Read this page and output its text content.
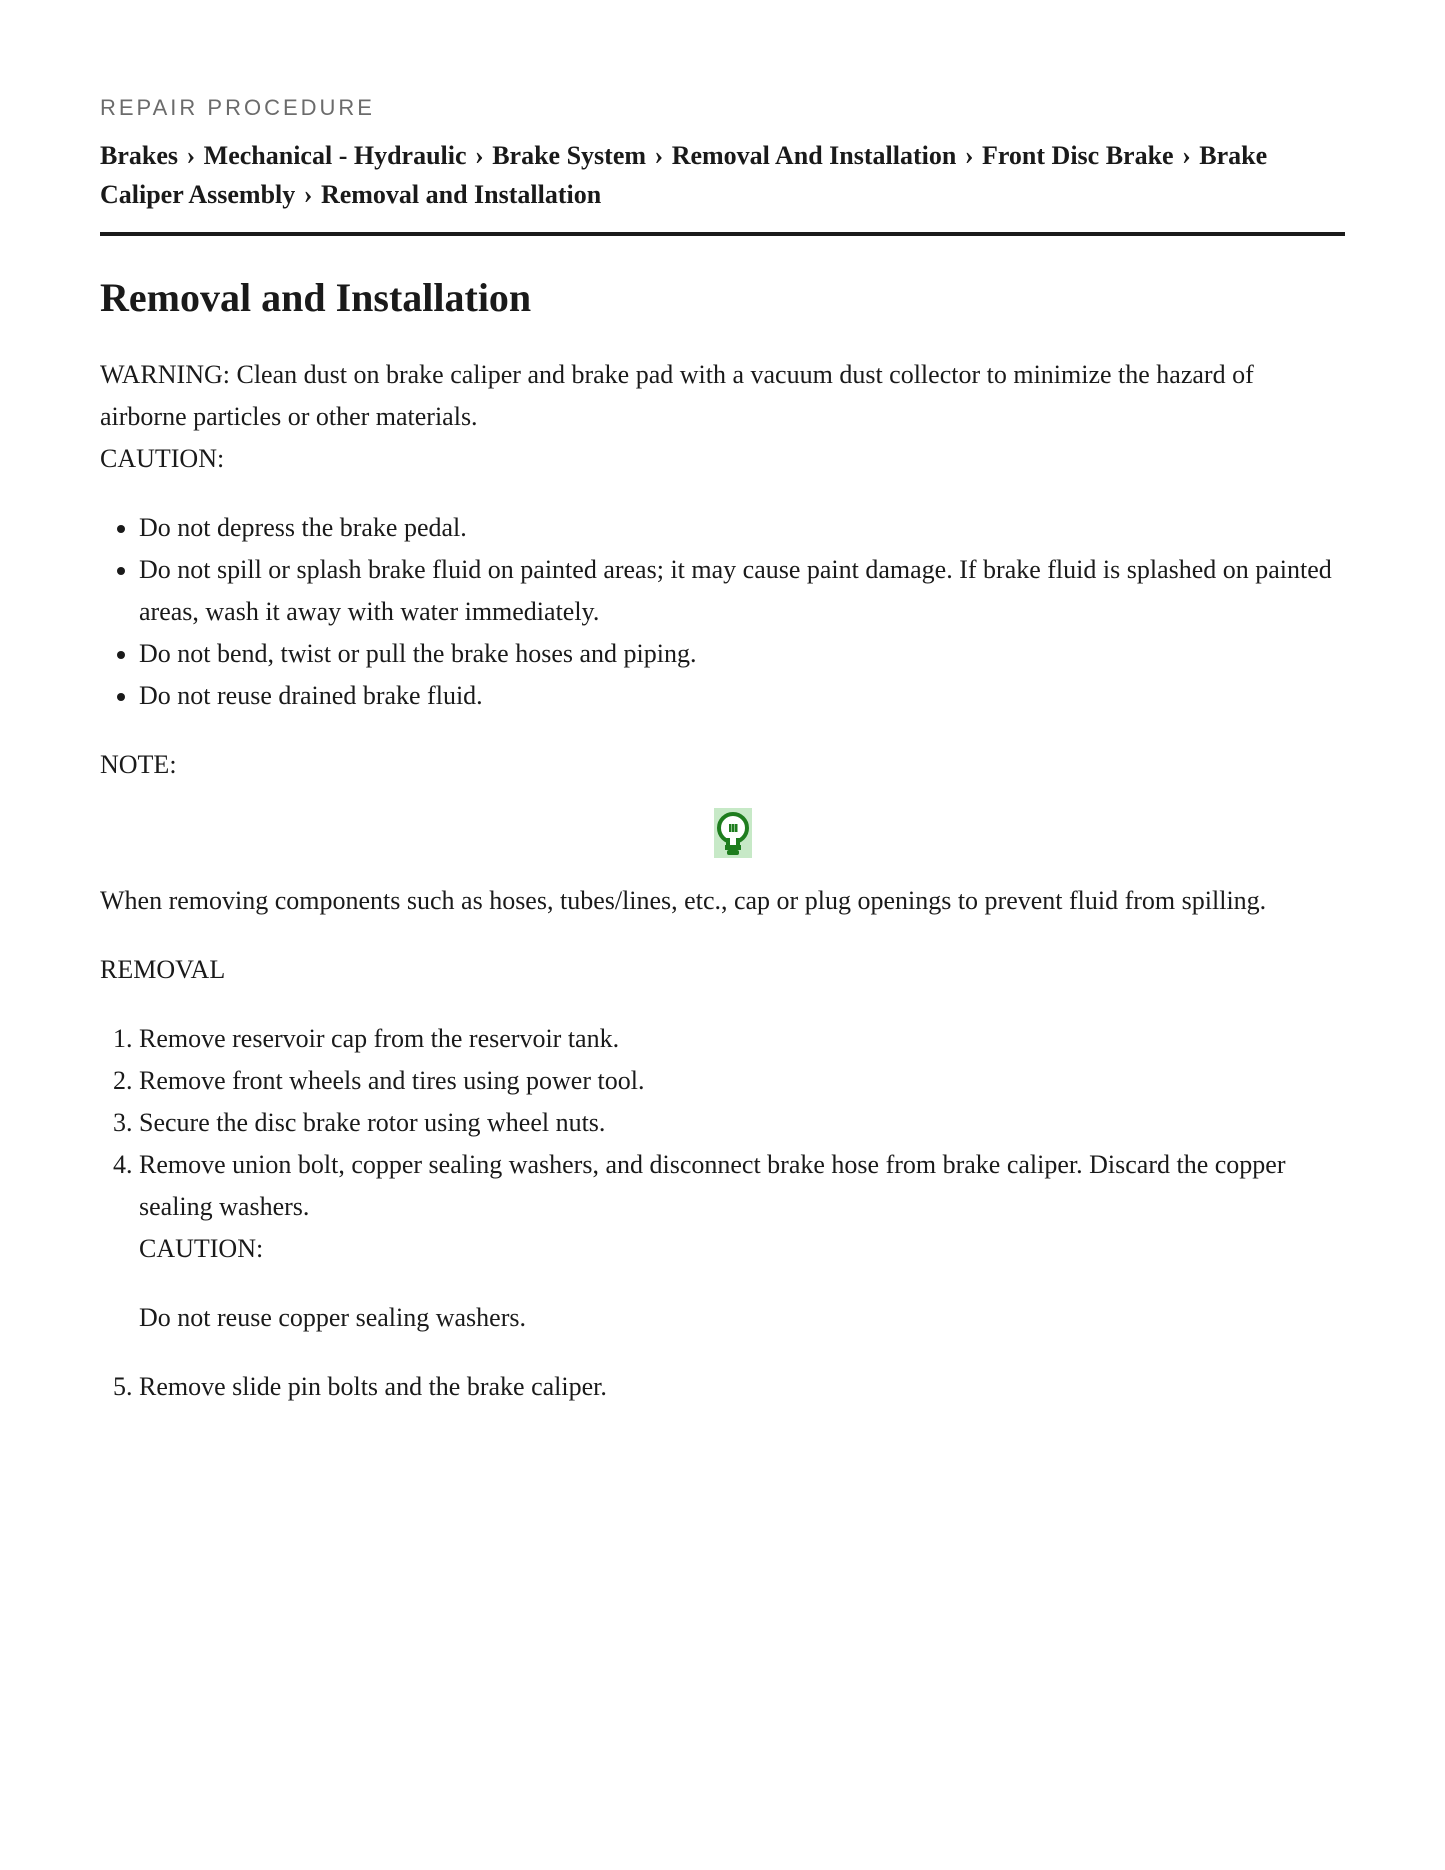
REPAIR PROCEDURE
Brakes › Mechanical - Hydraulic › Brake System › Removal And Installation › Front Disc Brake › Brake Caliper Assembly › Removal and Installation
Removal and Installation

WARNING: Clean dust on brake caliper and brake pad with a vacuum dust collector to minimize the hazard of airborne particles or other materials.

CAUTION:

• Do not depress the brake pedal.
• Do not spill or splash brake fluid on painted areas; it may cause paint damage. If brake fluid is splashed on painted areas, wash it away with water immediately.
• Do not bend, twist or pull the brake hoses and piping.
• Do not reuse drained brake fluid.

NOTE:

When removing components such as hoses, tubes/lines, etc., cap or plug openings to prevent fluid from spilling.

REMOVAL

1. Remove reservoir cap from the reservoir tank.
2. Remove front wheels and tires using power tool.
3. Secure the disc brake rotor using wheel nuts.
4. Remove union bolt, copper sealing washers, and disconnect brake hose from brake caliper. Discard the copper sealing washers.
CAUTION:
Do not reuse copper sealing washers.
5. Remove slide pin bolts and the brake caliper.
